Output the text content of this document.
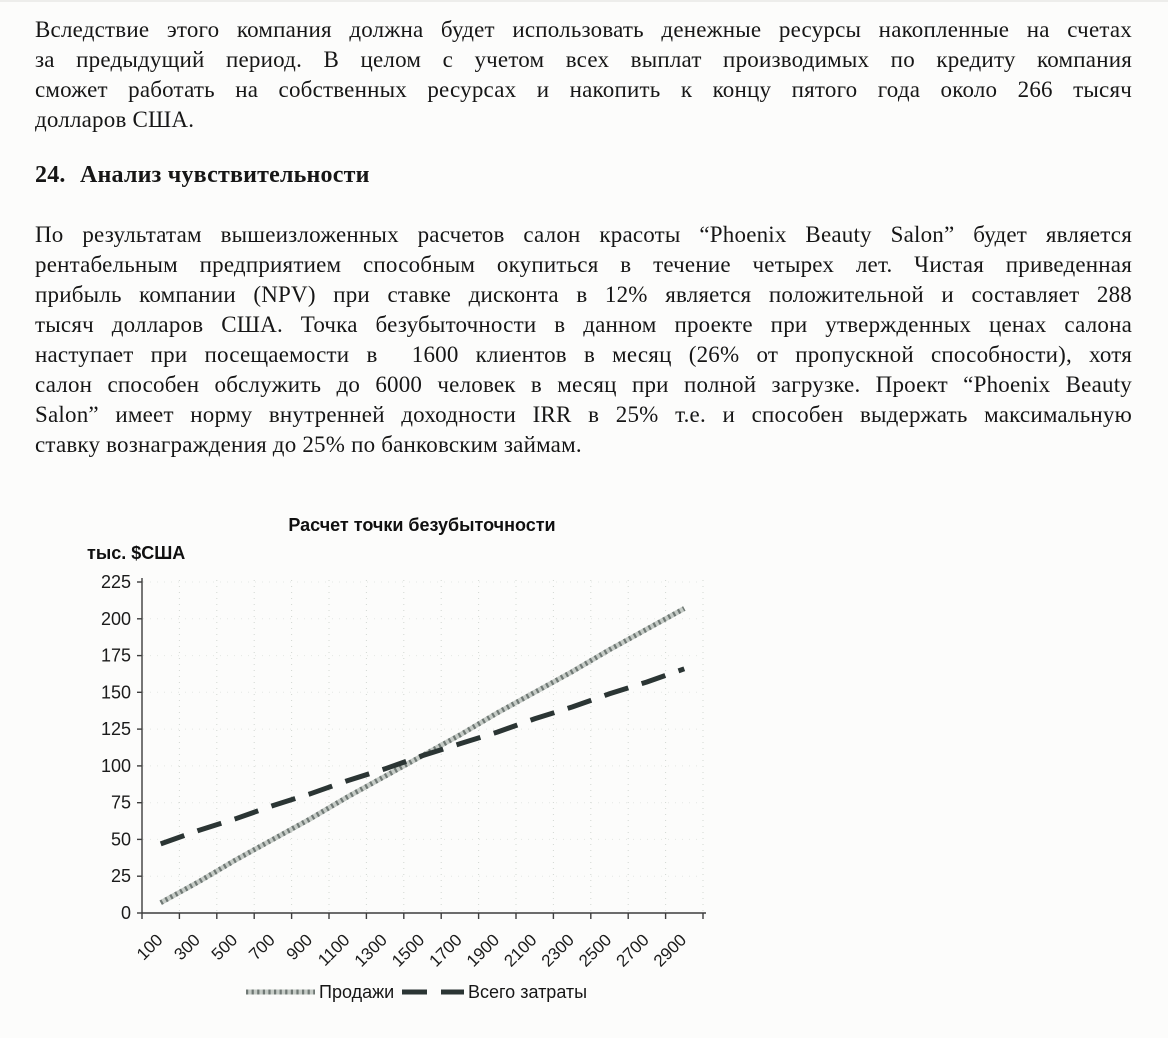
Вследствие этого компания должна будет использовать денежные ресурсы накопленные на счетах
за предыдущий период. В целом с учетом всех выплат производимых по кредиту компания
сможет работать на собственных ресурсах и накопить к концу пятого года около 266 тысяч
долларов США.
24. Анализ чувствительности
По результатам вышеизложенных расчетов салон красоты “Phoenix Beauty Salon” будет является
рентабельным предприятием способным окупиться в течение четырех лет. Чистая приведенная
прибыль компании (NPV) при ставке дисконта в 12% является положительной и составляет 288
тысяч долларов США. Точка безубыточности в данном проекте при утвержденных ценах салона
наступает при посещаемости в  1600 клиентов в месяц (26% от пропускной способности), хотя
салон способен обслужить до 6000 человек в месяц при полной загрузке. Проект “Phoenix Beauty
Salon” имеет норму внутренней доходности IRR в 25% т.е. и способен выдержать максимальную
ставку вознаграждения до 25% по банковским займам.
Расчет точки безубыточности
тыс. $США
0
25
50
75
100
125
150
175
200
225
100 300 500 700 900
1100
1300
1500
1700
1900
2100
2300
2500
2700
2900
Продажи	Всего затраты
